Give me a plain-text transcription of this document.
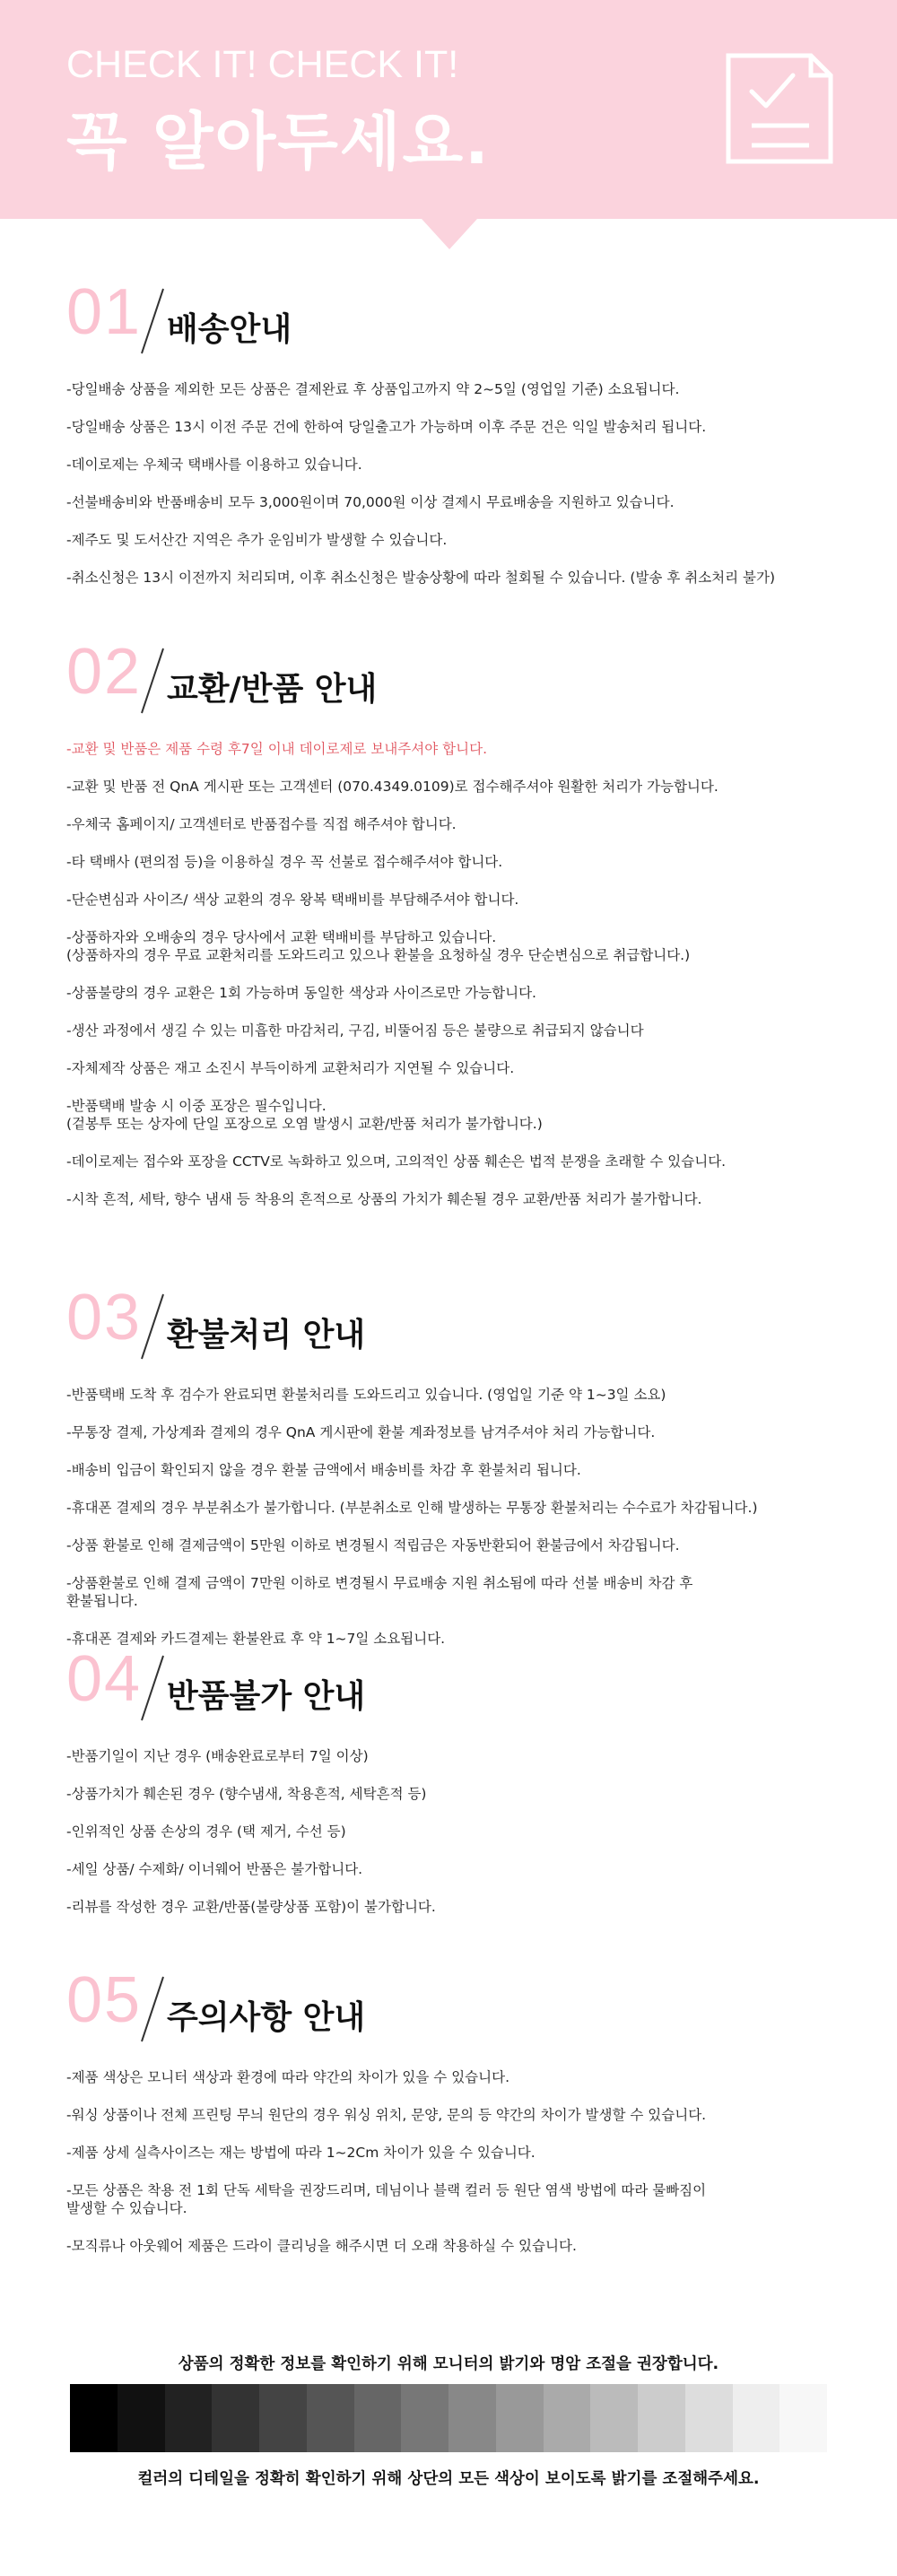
CHECK IT! CHECK IT!
꼭 알아두세요.
01 배송안내
-당일배송 상품을 제외한 모든 상품은 결제완료 후 상품입고까지 약 2~5일 (영업일 기준) 소요됩니다.
-당일배송 상품은 13시 이전 주문 건에 한하여 당일출고가 가능하며 이후 주문 건은 익일 발송처리 됩니다.
-데이로제는 우체국 택배사를 이용하고 있습니다.
-선불배송비와 반품배송비 모두 3,000원이며 70,000원 이상 결제시 무료배송을 지원하고 있습니다.
-제주도 및 도서산간 지역은 추가 운임비가 발생할 수 있습니다.
-취소신청은 13시 이전까지 처리되며, 이후 취소신청은 발송상황에 따라 철회될 수 있습니다. (발송 후 취소처리 불가)
02 교환/반품 안내
-교환 및 반품은 제품 수령 후7일 이내 데이로제로 보내주셔야 합니다.
-교환 및 반품 전 QnA 게시판 또는 고객센터 (070.4349.0109)로 접수해주셔야 원활한 처리가 가능합니다.
-우체국 홈페이지/ 고객센터로 반품접수를 직접 해주셔야 합니다.
-타 택배사 (편의점 등)을 이용하실 경우 꼭 선불로 접수해주셔야 합니다.
-단순변심과 사이즈/ 색상 교환의 경우 왕복 택배비를 부담해주셔야 합니다.
-상품하자와 오배송의 경우 당사에서 교환 택배비를 부담하고 있습니다.
(상품하자의 경우 무료 교환처리를 도와드리고 있으나 환불을 요청하실 경우 단순변심으로 취급합니다.)
-상품불량의 경우 교환은 1회 가능하며 동일한 색상과 사이즈로만 가능합니다.
-생산 과정에서 생길 수 있는 미흡한 마감처리, 구김, 비뚤어짐 등은 불량으로 취급되지 않습니다
-자체제작 상품은 재고 소진시 부득이하게 교환처리가 지연될 수 있습니다.
-반품택배 발송 시 이중 포장은 필수입니다.
(겉봉투 또는 상자에 단일 포장으로 오염 발생시 교환/반품 처리가 불가합니다.)
-데이로제는 접수와 포장을 CCTV로 녹화하고 있으며, 고의적인 상품 훼손은 법적 분쟁을 초래할 수 있습니다.
-시착 흔적, 세탁, 향수 냄새 등 착용의 흔적으로 상품의 가치가 훼손될 경우 교환/반품 처리가 불가합니다.
03 환불처리 안내
-반품택배 도착 후 검수가 완료되면 환불처리를 도와드리고 있습니다. (영업일 기준 약 1~3일 소요)
-무통장 결제, 가상계좌 결제의 경우 QnA 게시판에 환불 계좌정보를 남겨주셔야 처리 가능합니다.
-배송비 입금이 확인되지 않을 경우 환불 금액에서 배송비를 차감 후 환불처리 됩니다.
-휴대폰 결제의 경우 부분취소가 불가합니다. (부분취소로 인해 발생하는 무통장 환불처리는 수수료가 차감됩니다.)
-상품 환불로 인해 결제금액이 5만원 이하로 변경될시 적립금은 자동반환되어 환불금에서 차감됩니다.
-상품환불로 인해 결제 금액이 7만원 이하로 변경될시 무료배송 지원 취소됨에 따라 선불 배송비 차감 후
환불됩니다.
-휴대폰 결제와 카드결제는 환불완료 후 약 1~7일 소요됩니다.
04 반품불가 안내
-반품기일이 지난 경우 (배송완료로부터 7일 이상)
-상품가치가 훼손된 경우 (향수냄새, 착용흔적, 세탁흔적 등)
-인위적인 상품 손상의 경우 (택 제거, 수선 등)
-세일 상품/ 수제화/ 이너웨어 반품은 불가합니다.
-리뷰를 작성한 경우 교환/반품(불량상품 포함)이 불가합니다.
05 주의사항 안내
-제품 색상은 모니터 색상과 환경에 따라 약간의 차이가 있을 수 있습니다.
-워싱 상품이나 전체 프린팅 무늬 원단의 경우 워싱 위치, 문양, 문의 등 약간의 차이가 발생할 수 있습니다.
-제품 상세 실측사이즈는 재는 방법에 따라 1~2Cm 차이가 있을 수 있습니다.
-모든 상품은 착용 전 1회 단독 세탁을 권장드리며, 데님이나 블랙 컬러 등 원단 염색 방법에 따라 물빠짐이
발생할 수 있습니다.
-모직류나 아웃웨어 제품은 드라이 클리닝을 해주시면 더 오래 착용하실 수 있습니다.

상품의 정확한 정보를 확인하기 위해 모니터의 밝기와 명암 조절을 권장합니다.

컬러의 디테일을 정확히 확인하기 위해 상단의 모든 색상이 보이도록 밝기를 조절해주세요.
